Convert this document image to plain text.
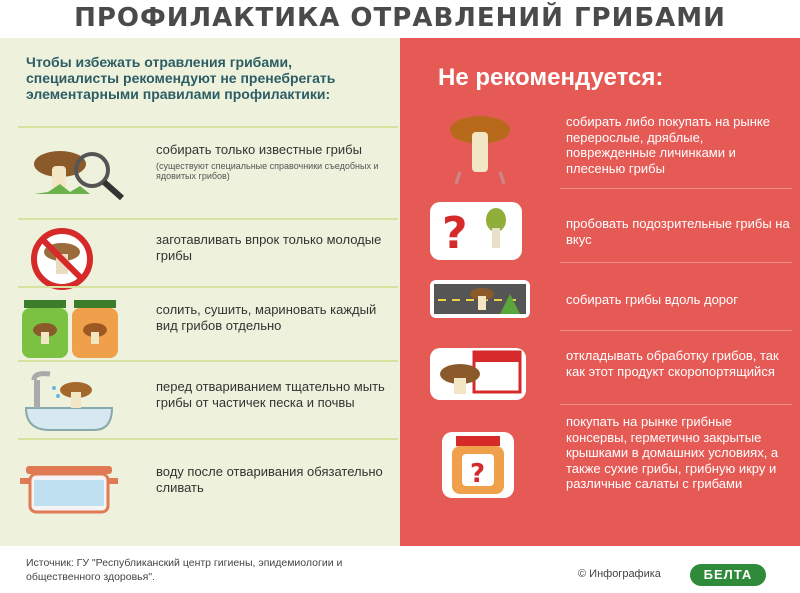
ПРОФИЛАКТИКА ОТРАВЛЕНИЙ ГРИБАМИ
Чтобы избежать отравления грибами, специалисты рекомендуют не пренебрегать элементарными правилами профилактики:
собирать только известные грибы
(существуют специальные справочники съедобных и ядовитых грибов)
заготавливать впрок только молодые грибы
солить, сушить, мариновать каждый вид грибов отдельно
перед отвариванием тщательно мыть грибы от частичек песка и почвы
воду после отваривания обязательно сливать
Не рекомендуется:
собирать либо покупать на рынке перерослые, дряблые, поврежденные личинками и плесенью грибы
?	пробовать подозрительные грибы на вкус
собирать грибы вдоль дорог
откладывать обработку грибов, так как этот продукт скоропортящийся
?
покупать на рынке грибные консервы, герметично закрытые крышками в домашних условиях, а также сухие грибы, грибную икру и различные салаты с грибами
Источник: ГУ "Республиканский центр гигиены, эпидемиологии и общественного здоровья".	© Инфографика	БЕЛТА
